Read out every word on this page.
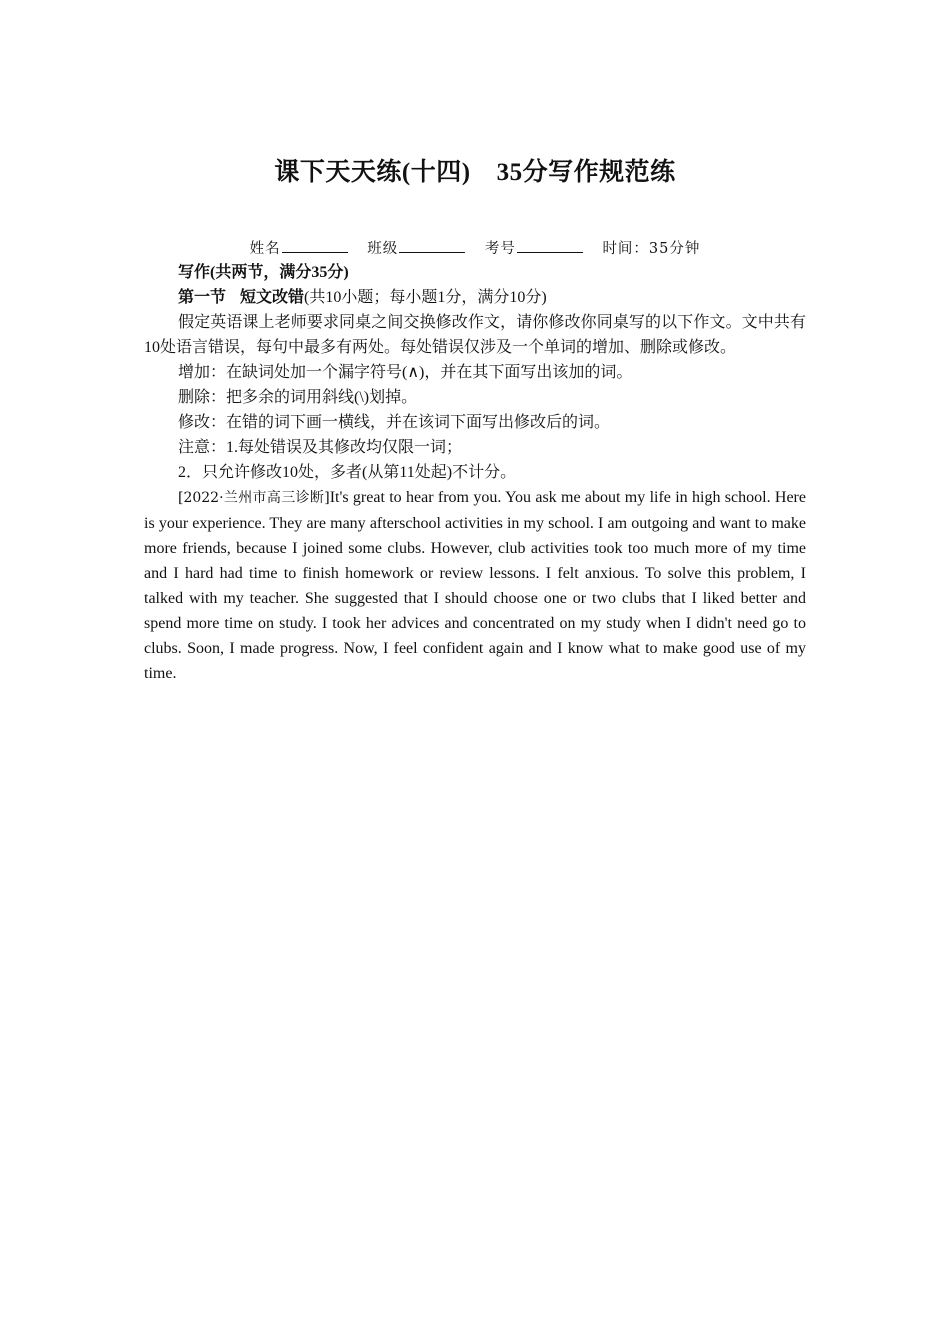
课下天天练(十四) 35分写作规范练
姓名	班级	考号	时间：35分钟

写作(共两节，满分35分)

第一节 短文改错(共10小题；每小题1分，满分10分)

假定英语课上老师要求同桌之间交换修改作文，请你修改你同桌写的以下作文。文中共有10处语言错误，每句中最多有两处。每处错误仅涉及一个单词的增加、删除或修改。

增加：在缺词处加一个漏字符号(∧)，并在其下面写出该加的词。

删除：把多余的词用斜线(\)划掉。

修改：在错的词下画一横线，并在该词下面写出修改后的词。

注意：1.每处错误及其修改均仅限一词；

2．只允许修改10处，多者(从第11处起)不计分。

[2022·兰州市高三诊断]It's great to hear from you. You ask me about my life in high school. Here is your experience. They are many afterschool activities in my school. I am outgoing and want to make more friends, because I joined some clubs. However, club activities took too much more of my time and I hard had time to finish homework or review lessons. I felt anxious. To solve this problem, I talked with my teacher. She suggested that I should choose one or two clubs that I liked better and spend more time on study. I took her advices and concentrated on my study when I didn't need go to clubs. Soon, I made progress. Now, I feel confident again and I know what to make good use of my time.
